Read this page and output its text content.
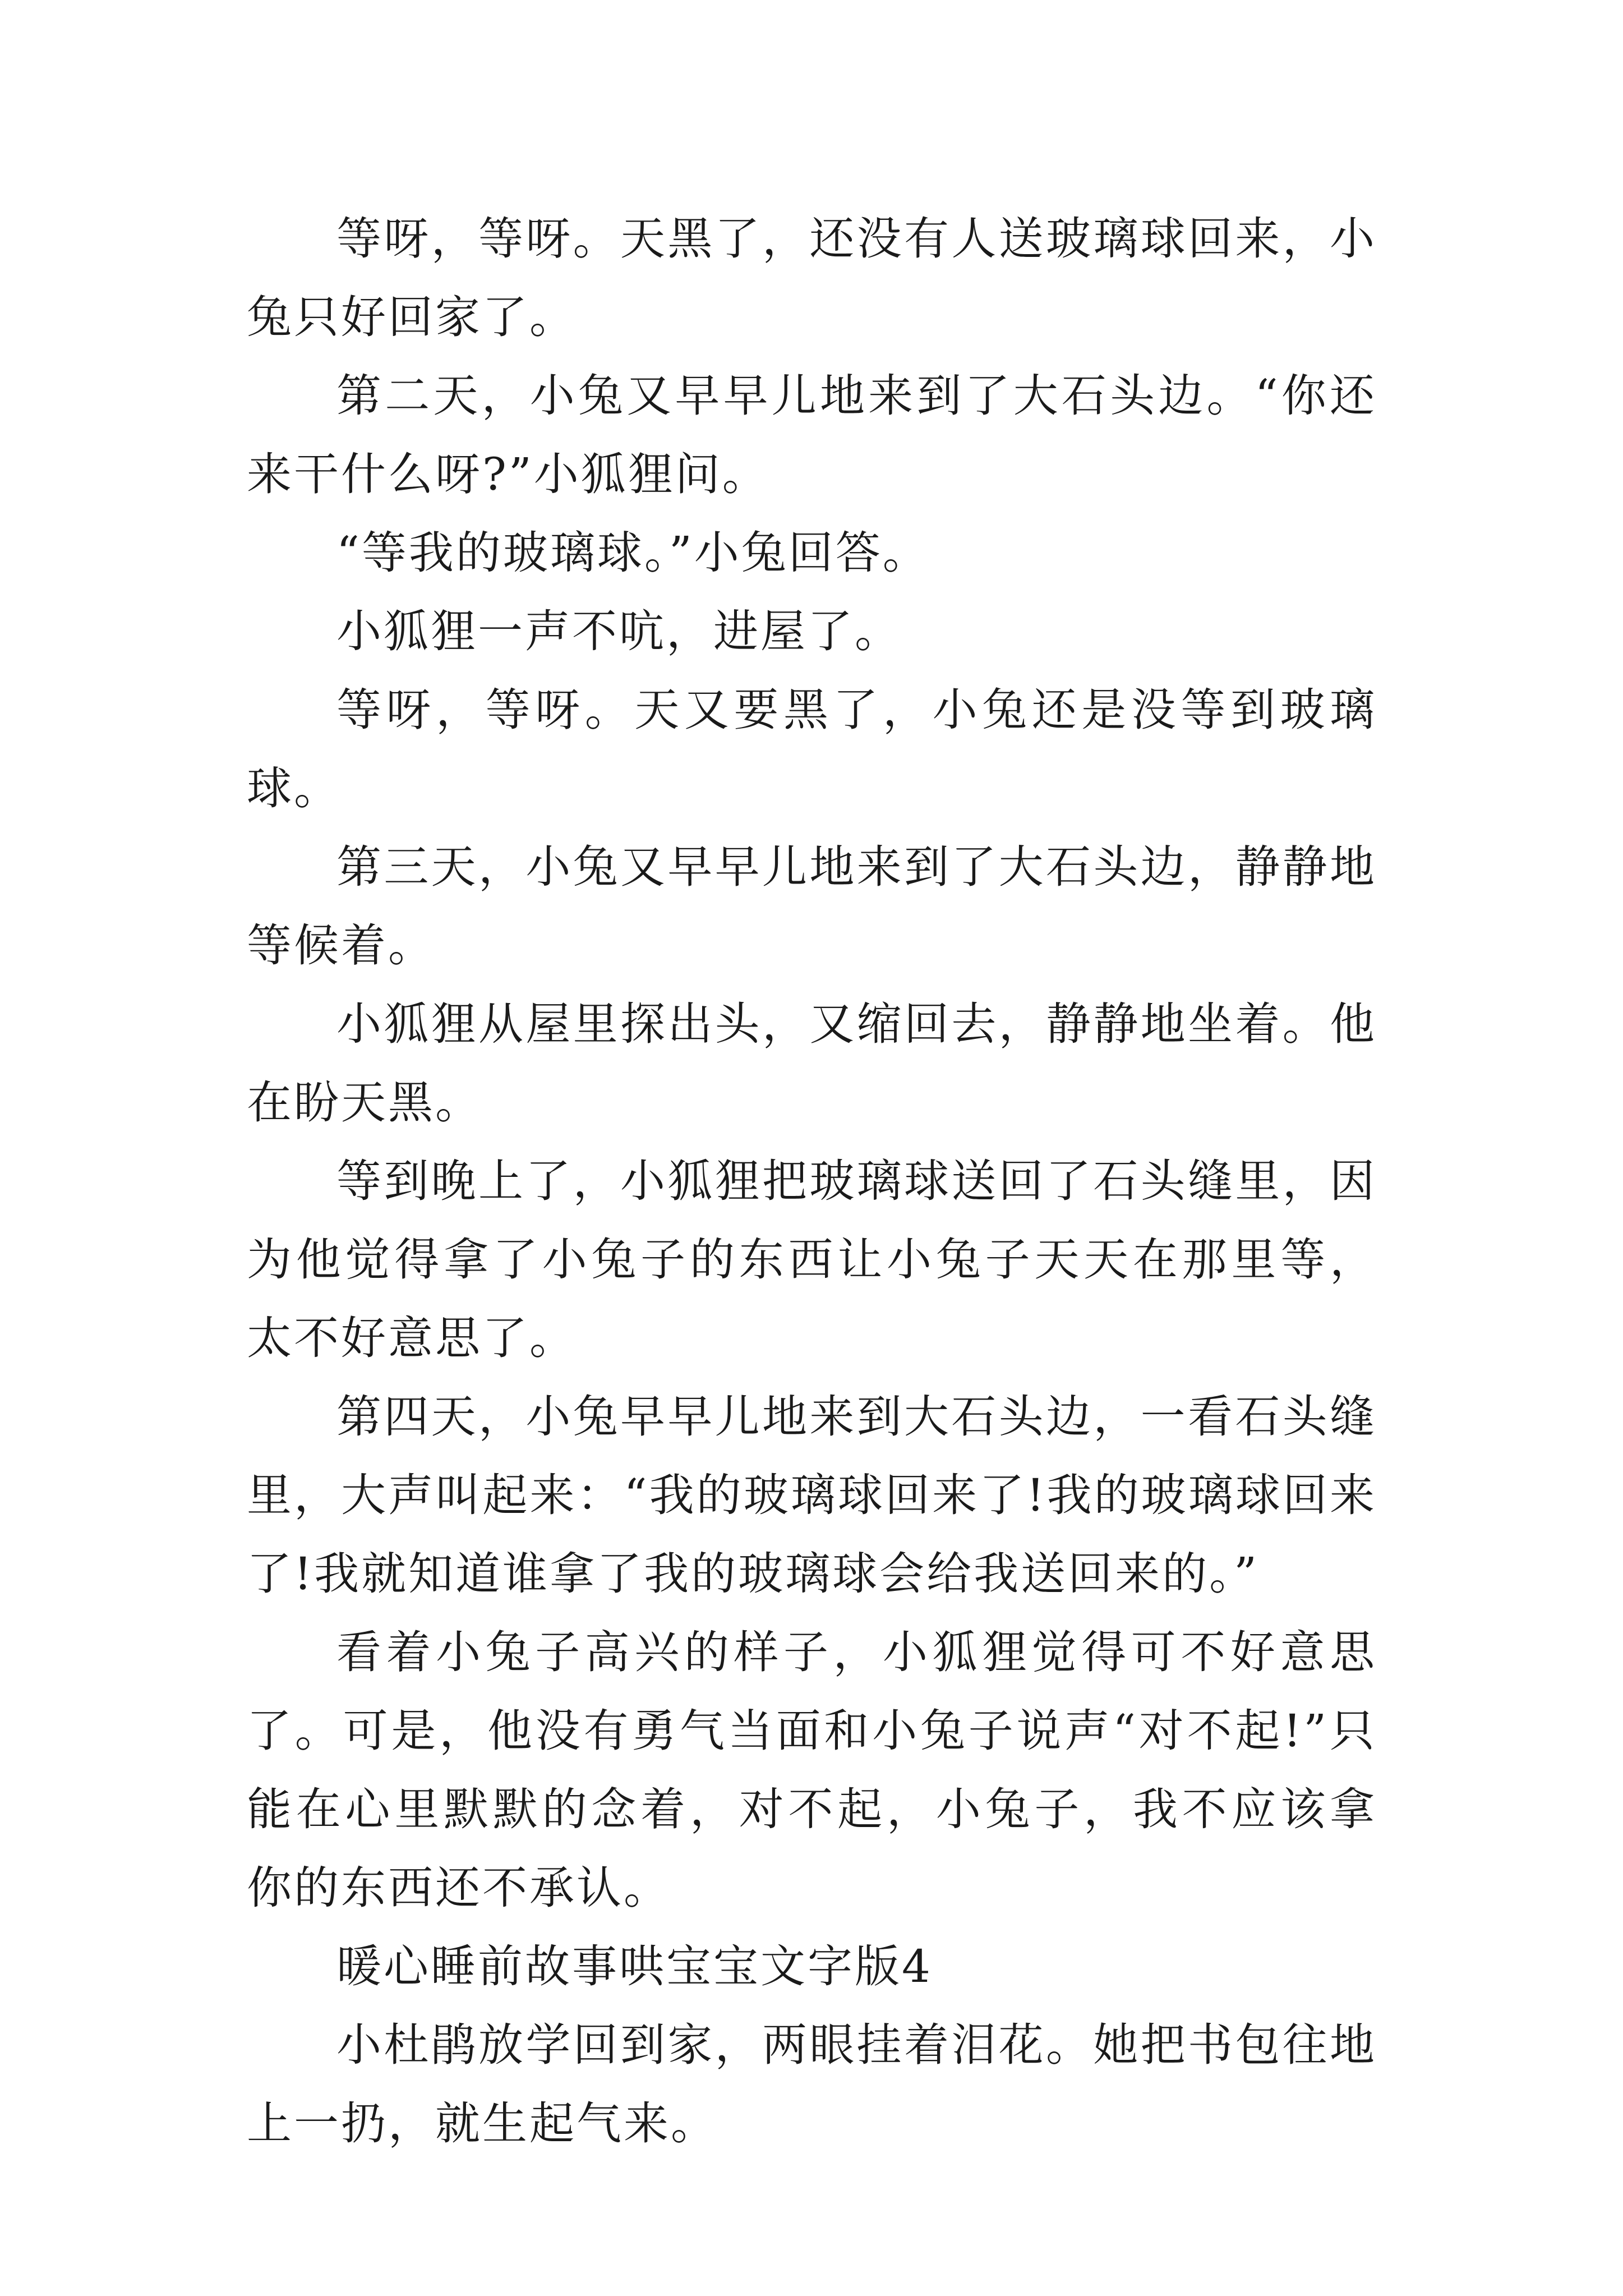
等呀，等呀。天黑了，还没有人送玻璃球回来，小兔只好回家了。

第二天，小兔又早早儿地来到了大石头边。“你还来干什么呀?”小狐狸问。

“等我的玻璃球。”小兔回答。

小狐狸一声不吭，进屋了。

等呀，等呀。天又要黑了，小兔还是没等到玻璃球。

第三天，小兔又早早儿地来到了大石头边，静静地等候着。

小狐狸从屋里探出头，又缩回去，静静地坐着。他在盼天黑。

等到晚上了，小狐狸把玻璃球送回了石头缝里，因为他觉得拿了小兔子的东西让小兔子天天在那里等，太不好意思了。

第四天，小兔早早儿地来到大石头边，一看石头缝里，大声叫起来：“我的玻璃球回来了!我的玻璃球回来了!我就知道谁拿了我的玻璃球会给我送回来的。”

看着小兔子高兴的样子，小狐狸觉得可不好意思了。可是，他没有勇气当面和小兔子说声“对不起!”只能在心里默默的念着，对不起，小兔子，我不应该拿你的东西还不承认。

暖心睡前故事哄宝宝文字版4

小杜鹃放学回到家，两眼挂着泪花。她把书包往地上一扔，就生起气来。
